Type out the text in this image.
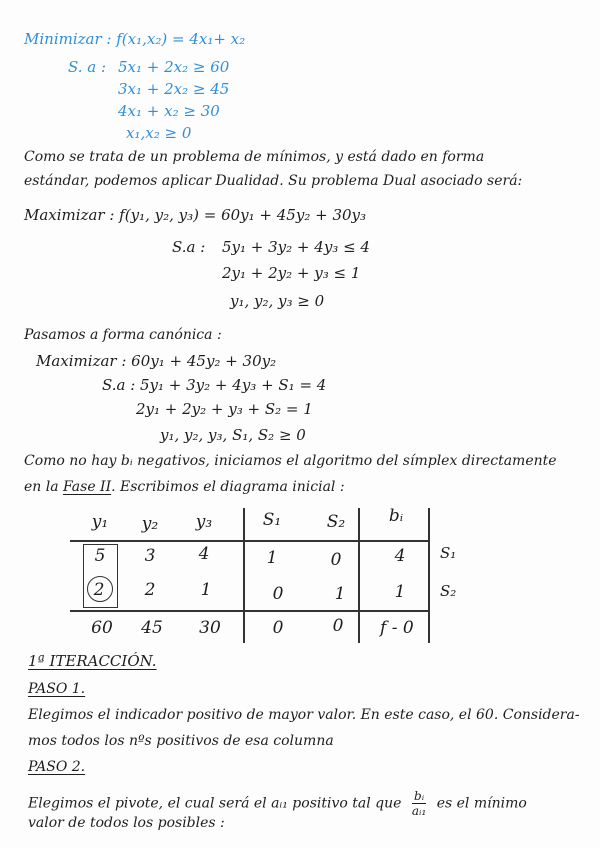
Minimizar : f(x₁,x₂) = 4x₁+ x₂
S. a : 5x₁ + 2x₂ ≥ 60
3x₁ + 2x₂ ≥ 45
4x₁ + x₂ ≥ 30
x₁,x₂ ≥ 0
Como se trata de un problema de mínimos, y está dado en forma
estándar, podemos aplicar Dualidad. Su problema Dual asociado será:
Maximizar : f(y₁, y₂, y₃) = 60y₁ + 45y₂ + 30y₃
S.a : 5y₁ + 3y₂ + 4y₃ ≤ 4
2y₁ + 2y₂ + y₃ ≤ 1
y₁, y₂, y₃ ≥ 0
Pasamos a forma canónica :
Maximizar : 60y₁ + 45y₂ + 30y₂
S.a : 5y₁ + 3y₂ + 4y₃ + S₁ = 4
2y₁ + 2y₂ + y₃ + S₂ = 1
y₁, y₂, y₃, S₁, S₂ ≥ 0
Como no hay bᵢ negativos, iniciamos el algoritmo del símplex directamente
en la Fase II. Escribimos el diagrama inicial :
y₁	y₂	y₃	S₁	S₂	bᵢ
5	3	4	1	0	4	S₁
2	2	1	0	1	1	S₂
60	45	30	0	0	f - 0
1ª ITERACCIÓN.
PASO 1.
Elegimos el indicador positivo de mayor valor. En este caso, el 60. Considera-
mos todos los nºs positivos de esa columna
PASO 2.
Elegimos el pivote, el cual será el aᵢ₁ positivo tal que $\frac{\text{bᵢ}}{\text{aᵢ₁}}$ es el mínimo
valor de todos los posibles :
